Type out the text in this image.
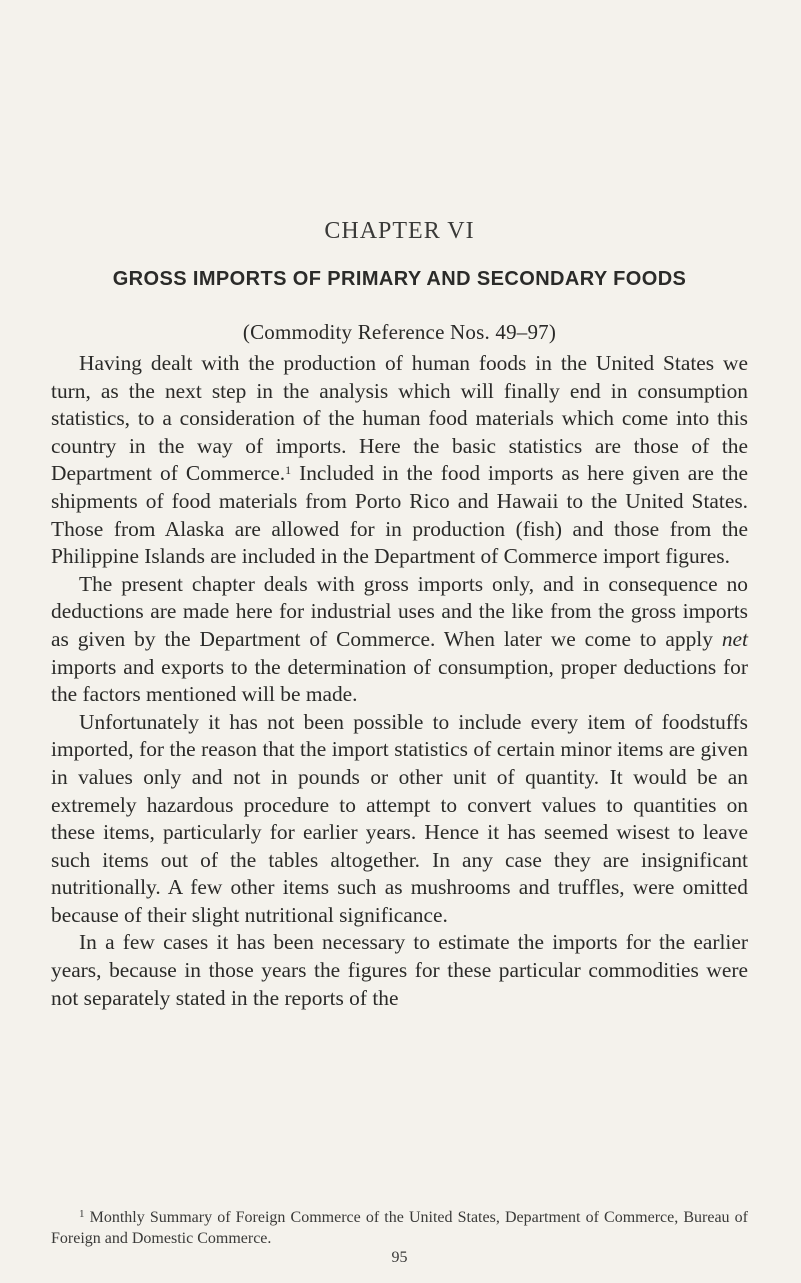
CHAPTER VI
GROSS IMPORTS OF PRIMARY AND SECONDARY FOODS
(Commodity Reference Nos. 49–97)

Having dealt with the production of human foods in the United States we turn, as the next step in the analysis which will finally end in consumption statistics, to a consideration of the human food materials which come into this country in the way of imports. Here the basic statistics are those of the Department of Commerce.$^1$ Included in the food imports as here given are the shipments of food materials from Porto Rico and Hawaii to the United States. Those from Alaska are allowed for in production (fish) and those from the Philippine Islands are included in the Department of Commerce import figures.

The present chapter deals with gross imports only, and in consequence no deductions are made here for industrial uses and the like from the gross imports as given by the Department of Commerce. When later we come to apply net imports and exports to the determination of consumption, proper deductions for the factors mentioned will be made.

Unfortunately it has not been possible to include every item of foodstuffs imported, for the reason that the import statistics of certain minor items are given in values only and not in pounds or other unit of quantity. It would be an extremely hazardous procedure to attempt to convert values to quantities on these items, particularly for earlier years. Hence it has seemed wisest to leave such items out of the tables altogether. In any case they are insignificant nutritionally. A few other items such as mushrooms and truffles, were omitted because of their slight nutritional significance.

In a few cases it has been necessary to estimate the imports for the earlier years, because in those years the figures for these particular commodities were not separately stated in the reports of the

$^1$ Monthly Summary of Foreign Commerce of the United States, Department of Commerce, Bureau of Foreign and Domestic Commerce.

95
